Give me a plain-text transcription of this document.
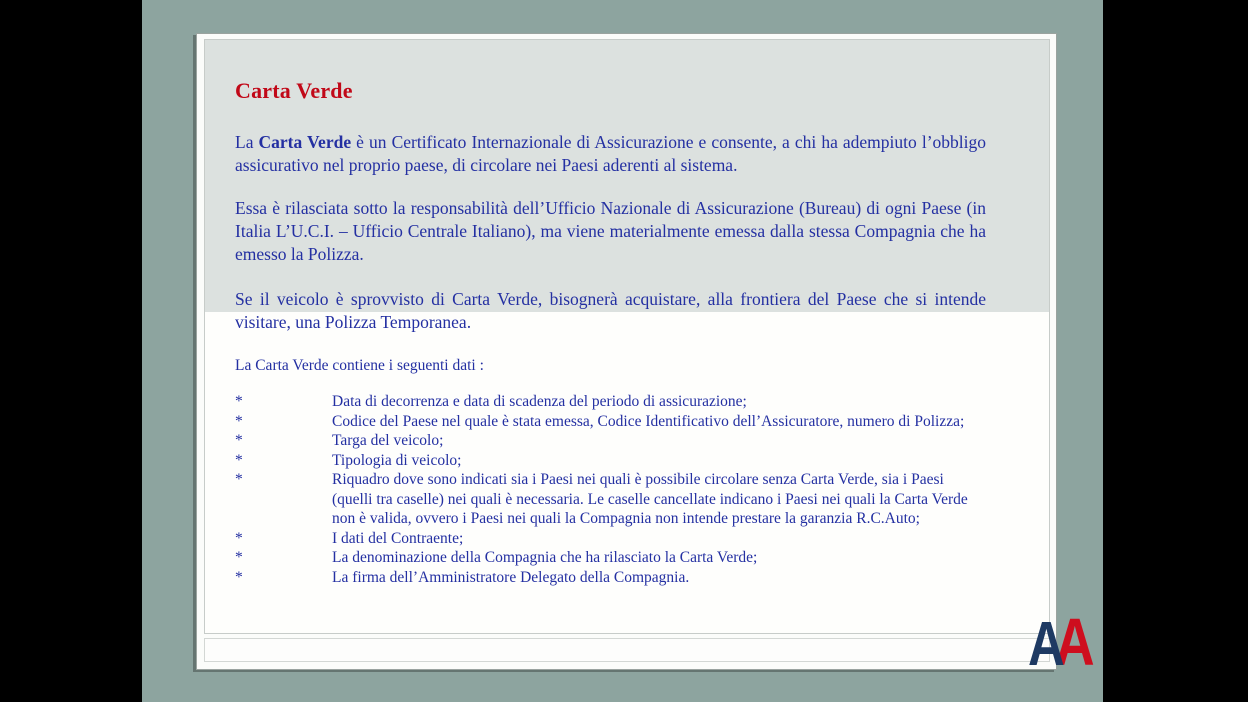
Carta Verde

La Carta Verde è un Certificato Internazionale di Assicurazione e consente, a chi ha adempiuto l’obbligo assicurativo nel proprio paese, di circolare nei Paesi aderenti al sistema.

Essa è rilasciata sotto la responsabilità dell’Ufficio Nazionale di Assicurazione (Bureau) di ogni Paese (in Italia L’U.C.I. – Ufficio Centrale Italiano), ma viene materialmente emessa dalla stessa Compagnia che ha emesso la Polizza.

Se il veicolo è sprovvisto di Carta Verde, bisognerà acquistare, alla frontiera del Paese che si intende visitare, una Polizza Temporanea.

La Carta Verde contiene i seguenti dati :

*	Data di decorrenza e data di scadenza del periodo di assicurazione;
*	Codice del Paese nel quale è stata emessa, Codice Identificativo dell’Assicuratore, numero di Polizza;
*	Targa del veicolo;
*	Tipologia di veicolo;
*	Riquadro dove sono indicati sia i Paesi nei quali è possibile circolare senza Carta Verde, sia i Paesi (quelli tra caselle) nei quali è necessaria. Le caselle cancellate indicano i Paesi nei quali la Carta Verde non è valida, ovvero i Paesi nei quali la Compagnia non intende prestare la garanzia R.C.Auto;
*	I dati del Contraente;
*	La denominazione della Compagnia che ha rilasciato la Carta Verde;
*	La firma dell’Amministratore Delegato della Compagnia.
A
A
